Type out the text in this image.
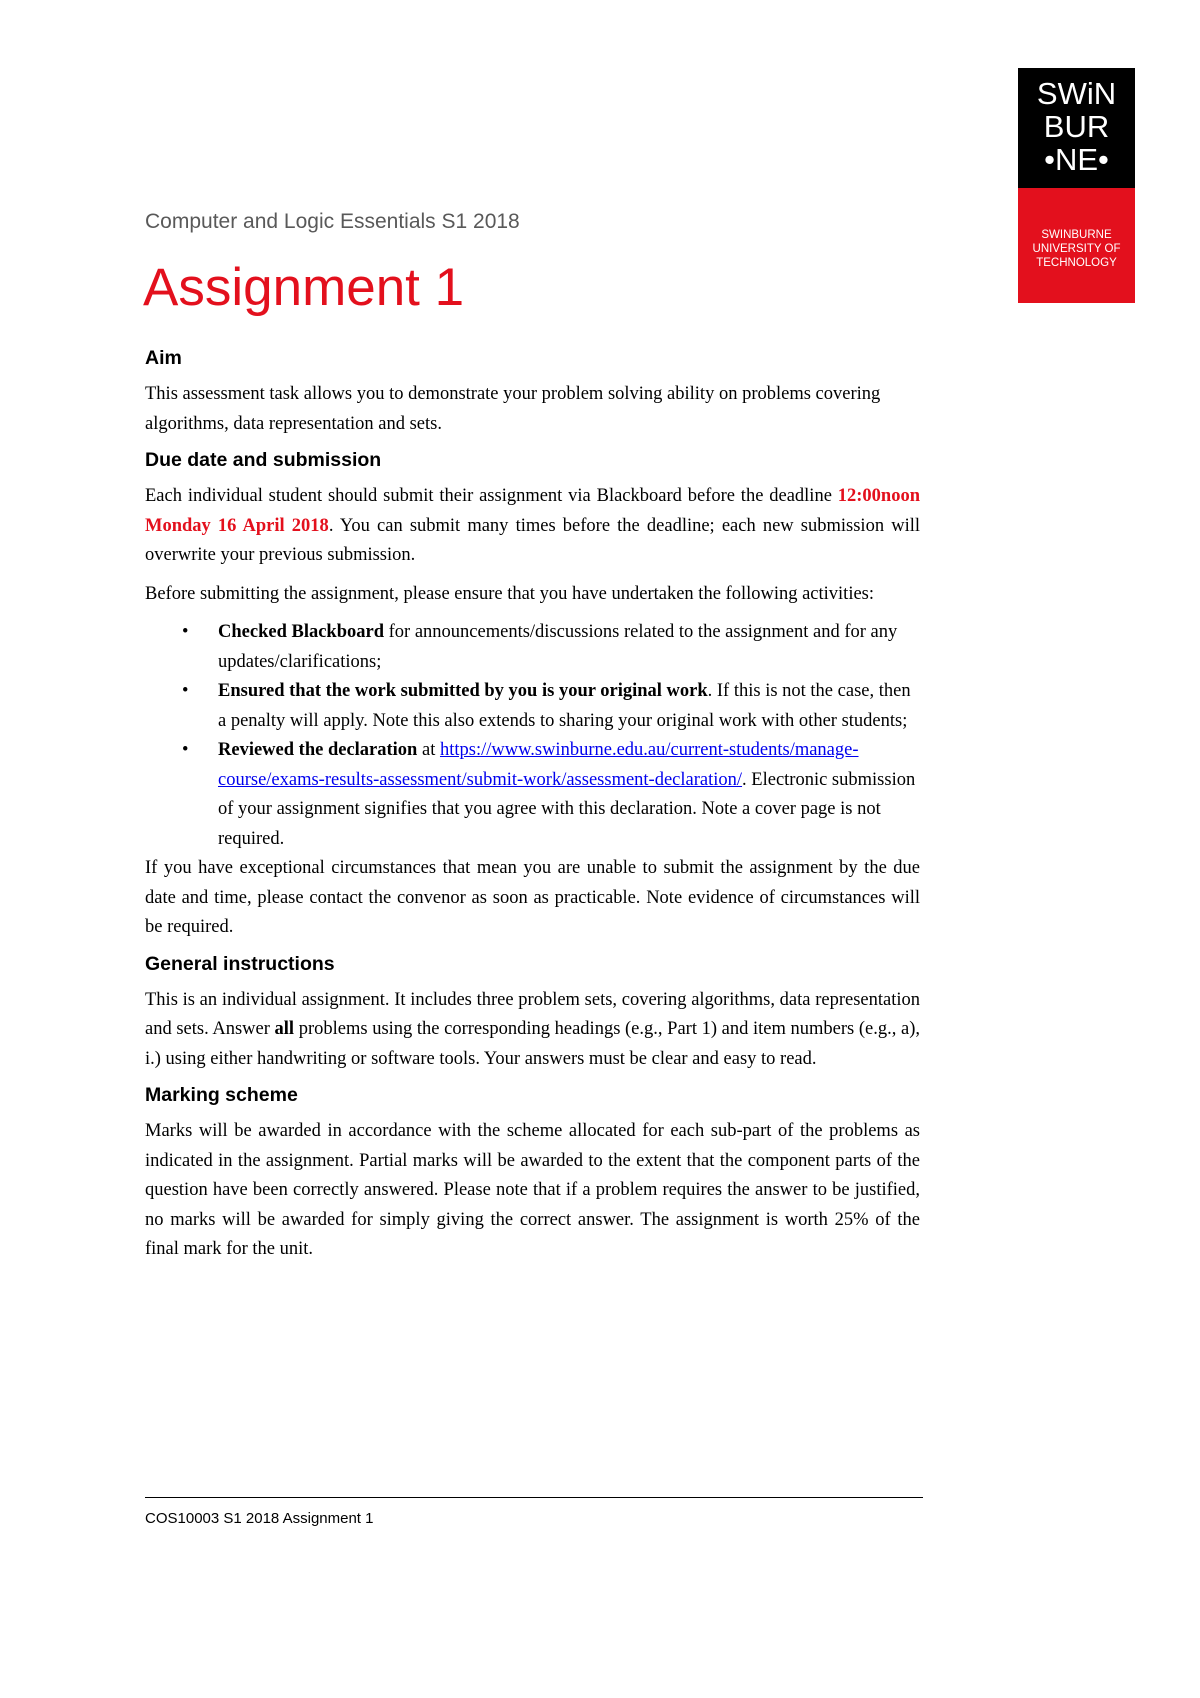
SWiN
BUR
•NE•
SWINBURNE
UNIVERSITY OF
TECHNOLOGY
Computer and Logic Essentials S1 2018
Assignment 1
Aim

This assessment task allows you to demonstrate your problem solving ability on problems covering algorithms, data representation and sets.

Due date and submission

Each individual student should submit their assignment via Blackboard before the deadline 12:00noon Monday 16 April 2018. You can submit many times before the deadline; each new submission will overwrite your previous submission.

Before submitting the assignment, please ensure that you have undertaken the following activities:

• Checked Blackboard for announcements/discussions related to the assignment and for any updates/clarifications;
• Ensured that the work submitted by you is your original work. If this is not the case, then a penalty will apply. Note this also extends to sharing your original work with other students;
• Reviewed the declaration at https://www.swinburne.edu.au/current-students/manage-course/exams-results-assessment/submit-work/assessment-declaration/. Electronic submission of your assignment signifies that you agree with this declaration. Note a cover page is not required.

If you have exceptional circumstances that mean you are unable to submit the assignment by the due date and time, please contact the convenor as soon as practicable. Note evidence of circumstances will be required.

General instructions

This is an individual assignment. It includes three problem sets, covering algorithms, data representation and sets. Answer all problems using the corresponding headings (e.g., Part 1) and item numbers (e.g., a), i.) using either handwriting or software tools. Your answers must be clear and easy to read.

Marking scheme

Marks will be awarded in accordance with the scheme allocated for each sub-part of the problems as indicated in the assignment. Partial marks will be awarded to the extent that the component parts of the question have been correctly answered. Please note that if a problem requires the answer to be justified, no marks will be awarded for simply giving the correct answer. The assignment is worth 25% of the final mark for the unit.

COS10003 S1 2018 Assignment 1
